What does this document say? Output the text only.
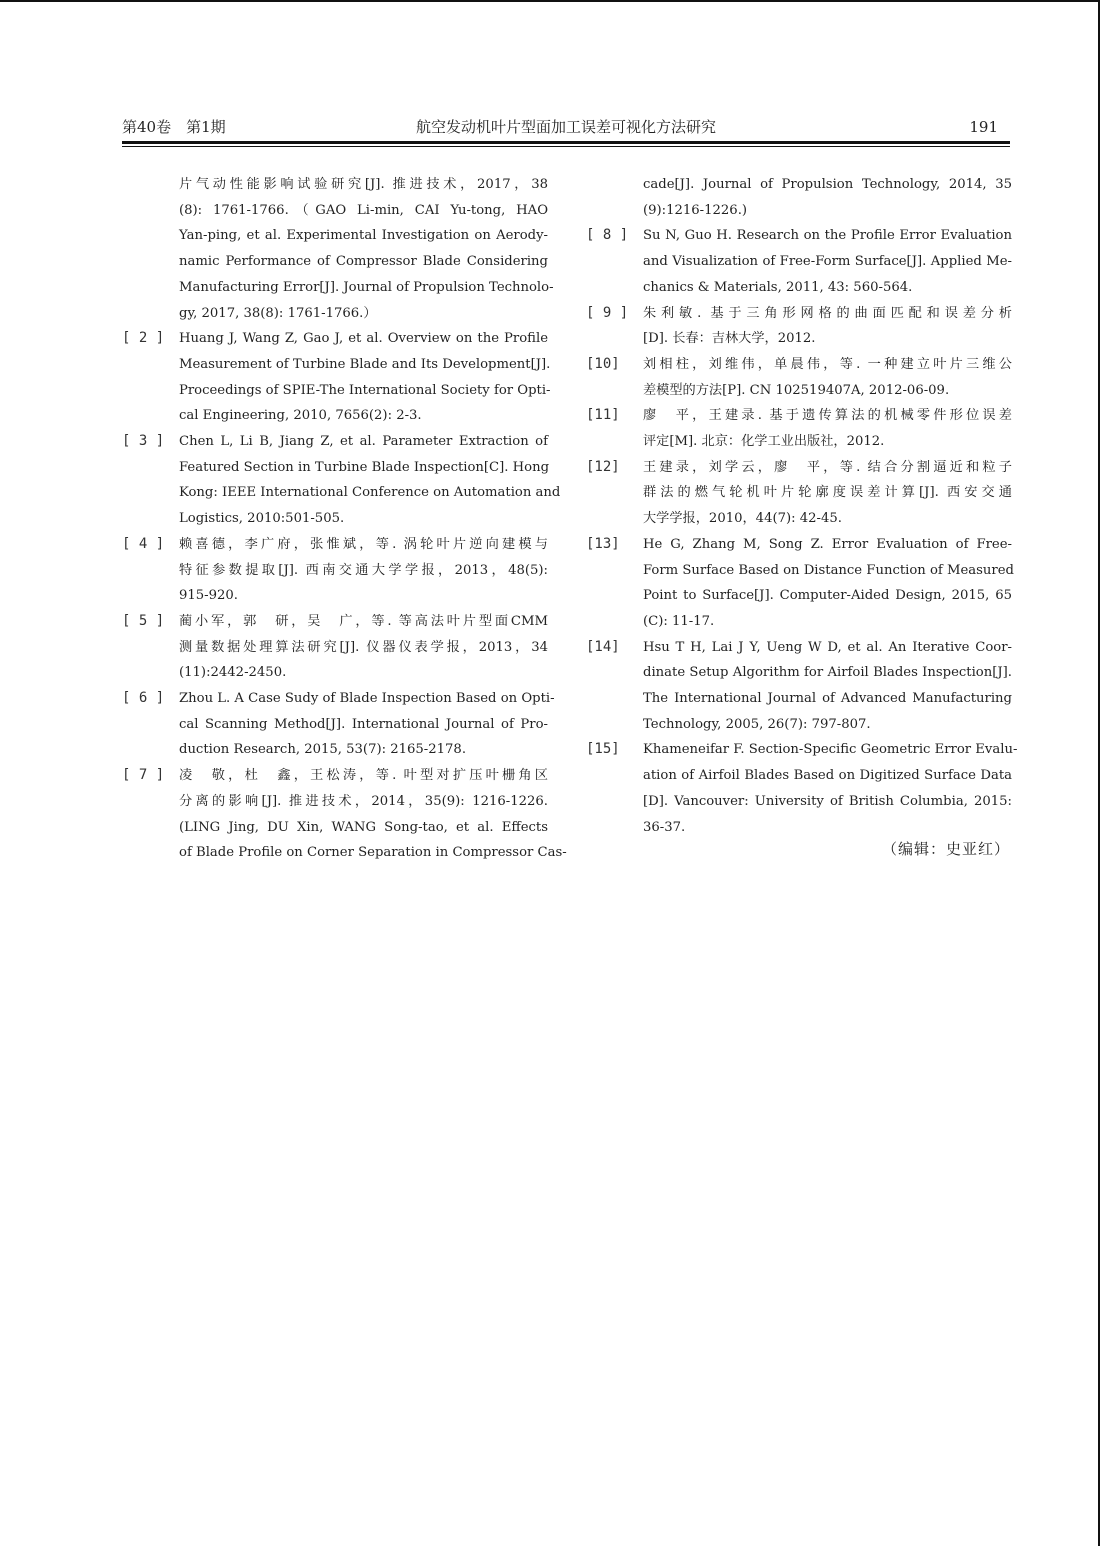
第40卷　第1期	航空发动机叶片型面加工误差可视化方法研究	191
片气动性能影响试验研究[J]. 推进技术，2017，38
(8): 1761-1766.（GAO Li-min, CAI Yu-tong, HAO
Yan-ping, et al. Experimental Investigation on Aerody-
namic Performance of Compressor Blade Considering
Manufacturing Error[J]. Journal of Propulsion Technolo-
gy, 2017, 38(8): 1761-1766.）
[ 2 ] Huang J, Wang Z, Gao J, et al. Overview on the Profile
Measurement of Turbine Blade and Its Development[J].
Proceedings of SPIE-The International Society for Opti-
cal Engineering, 2010, 7656(2): 2-3.
[ 3 ] Chen L, Li B, Jiang Z, et al. Parameter Extraction of
Featured Section in Turbine Blade Inspection[C]. Hong
Kong: IEEE International Conference on Automation and
Logistics, 2010:501-505.
[ 4 ] 赖喜德，李广府，张惟斌，等. 涡轮叶片逆向建模与
特征参数提取[J]. 西南交通大学学报，2013，48(5):
915-920.
[ 5 ] 蔺小军，郭　研，吴　广，等. 等高法叶片型面CMM
测量数据处理算法研究[J]. 仪器仪表学报，2013，34
(11):2442-2450.
[ 6 ] Zhou L. A Case Sudy of Blade Inspection Based on Opti-
cal Scanning Method[J]. International Journal of Pro-
duction Research, 2015, 53(7): 2165-2178.
[ 7 ] 凌　敬，杜　鑫，王松涛，等. 叶型对扩压叶栅角区
分离的影响[J]. 推进技术，2014，35(9): 1216-1226.
(LING Jing, DU Xin, WANG Song-tao, et al. Effects
of Blade Profile on Corner Separation in Compressor Cas-
cade[J]. Journal of Propulsion Technology, 2014, 35
(9):1216-1226.)
[ 8 ] Su N, Guo H. Research on the Profile Error Evaluation
and Visualization of Free-Form Surface[J]. Applied Me-
chanics & Materials, 2011, 43: 560-564.
[ 9 ] 朱利敏. 基于三角形网格的曲面匹配和误差分析
[D]. 长春：吉林大学，2012.
[10] 刘相柱，刘维伟，单晨伟，等. 一种建立叶片三维公
差模型的方法[P]. CN 102519407A, 2012-06-09.
[11] 廖　平，王建录. 基于遗传算法的机械零件形位误差
评定[M]. 北京：化学工业出版社，2012.
[12] 王建录，刘学云，廖　平，等. 结合分割逼近和粒子
群法的燃气轮机叶片轮廓度误差计算[J]. 西安交通
大学学报，2010，44(7): 42-45.
[13] He G, Zhang M, Song Z. Error Evaluation of Free-
Form Surface Based on Distance Function of Measured
Point to Surface[J]. Computer-Aided Design, 2015, 65
(C): 11-17.
[14] Hsu T H, Lai J Y, Ueng W D, et al. An Iterative Coor-
dinate Setup Algorithm for Airfoil Blades Inspection[J].
The International Journal of Advanced Manufacturing
Technology, 2005, 26(7): 797-807.
[15] Khameneifar F. Section-Specific Geometric Error Evalu-
ation of Airfoil Blades Based on Digitized Surface Data
[D]. Vancouver: University of British Columbia, 2015:
36-37.
（编辑：史亚红）
